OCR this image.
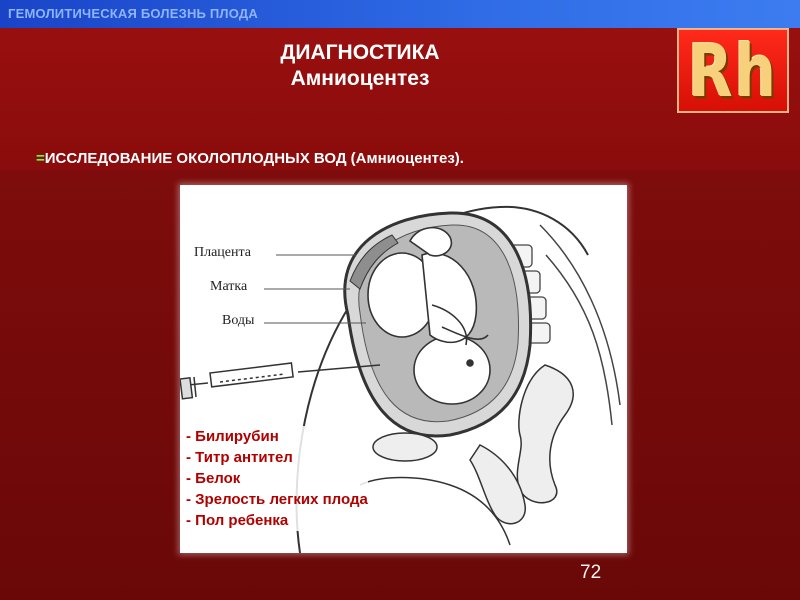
ГЕМОЛИТИЧЕСКАЯ БОЛЕЗНЬ ПЛОДА
ДИАГНОСТИКА
Амниоцентез	Rh
=ИССЛЕДОВАНИЕ ОКОЛОПЛОДНЫХ ВОД (Амниоцентез).
Плацента
Матка
Воды
- Билирубин
- Титр антител
- Белок
- Зрелость легких плода
- Пол ребенка
72
